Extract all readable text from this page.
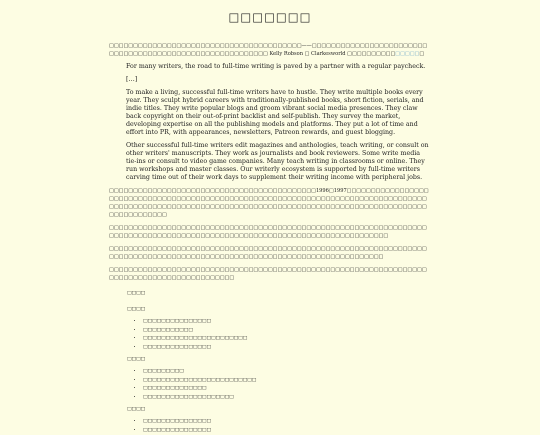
□□□□□□□

□□□□□□□□□□□□□□□□□□□□□□□□□□□□□□□□□□□□□□□□——□□□□□□□□□□□□□□□□□□□□□□□□□□□□□□□□□□□□□□□□□□□□□□□□□□□□□□□□□ Kelly Robson □ Clarkesworld □□□□□□□□□□□□□□□□

For many writers, the road to full-time writing is paved by a partner with a regular paycheck.

[…]

To make a living, successful full-time writers have to hustle. They write multiple books every year. They sculpt hybrid careers with traditionally-published books, short fiction, serials, and indie titles. They write popular blogs and groom vibrant social media presences. They claw back copyright on their out-of-print backlist and self-publish. They survey the market, developing expertise on all the publishing models and platforms. They put a lot of time and effort into PR, with appearances, newsletters, Patreon rewards, and guest blogging.

Other successful full-time writers edit magazines and anthologies, teach writing, or consult on other writers' manuscripts. They work as journalists and book reviewers. Some write media tie-ins or consult to video game companies. Many teach writing in classrooms or online. They run workshops and master classes. Our writerly ecosystem is supported by full-time writers carving time out of their work days to supplement their writing income with peripheral jobs.

□□□□□□□□□□□□□□□□□□□□□□□□□□□□□□□□□□□□□□□□□□□1996□1997□□□□□□□□□□□□□□□□□□□□□□□□□□□□□□□□□□□□□□□□□□□□□□□□□□□□□□□□□□□□□□□□□□□□□□□□□□□□□□□□□□□□□□□□□□□□□□□□□□□□□□□□□□□□□□□□□□□□□□□□□□□□□□□□□□□□□□□□□□□□□□□□□□□□□□□□□□□□□□□□□

□□□□□□□□□□□□□□□□□□□□□□□□□□□□□□□□□□□□□□□□□□□□□□□□□□□□□□□□□□□□□□□□□□□□□□□□□□□□□□□□□□□□□□□□□□□□□□□□□□□□□□□□□□□□□□□□□□□□□□□□□□□□

□□□□□□□□□□□□□□□□□□□□□□□□□□□□□□□□□□□□□□□□□□□□□□□□□□□□□□□□□□□□□□□□□□□□□□□□□□□□□□□□□□□□□□□□□□□□□□□□□□□□□□□□□□□□□□□□□□□□□□□□□□□

□□□□□□□□□□□□□□□□□□□□□□□□□□□□□□□□□□□□□□□□□□□□□□□□□□□□□□□□□□□□□□□□□□□□□□□□□□□□□□□□□□□□□□□□□□□□

□□□□

□□□□

• □□□□□□□□□□□□□□□
• □□□□□□□□□□□
• □□□□□□□□□□□□□□□□□□□□□□□
• □□□□□□□□□□□□□□□

□□□□

• □□□□□□□□□
• □□□□□□□□□□□□□□□□□□□□□□□□□
• □□□□□□□□□□□□□□
• □□□□□□□□□□□□□□□□□□□□

□□□□

• □□□□□□□□□□□□□□□
• □□□□□□□□□□□□□□□
